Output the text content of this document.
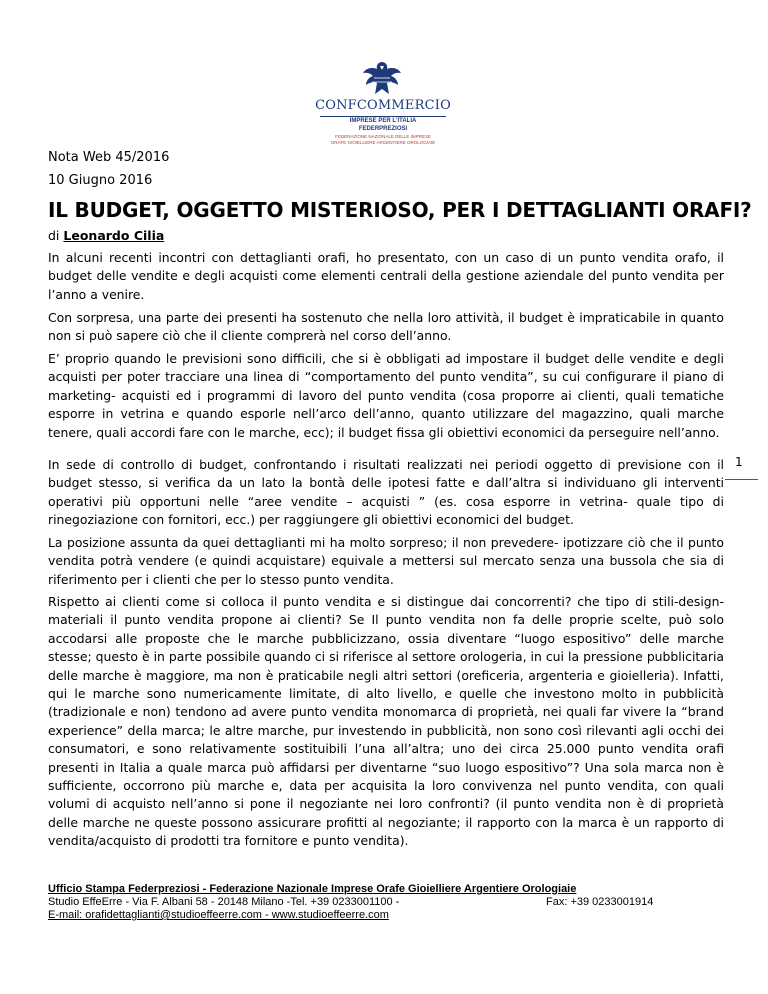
CONFCOMMERCIO
IMPRESE PER L'ITALIA
FEDERPREZIOSI
FEDERAZIONE NAZIONALE DELLE IMPRESE
ORAFE GIOIELLIERE ARGENTIERE OROLOGIAIE
Nota Web 45/2016
10 Giugno 2016
IL BUDGET, OGGETTO MISTERIOSO, PER I DETTAGLIANTI ORAFI?
di Leonardo Cilia
In alcuni recenti incontri con dettaglianti orafi, ho presentato, con un caso di un punto vendita orafo, il budget delle vendite e degli acquisti come elementi centrali della gestione aziendale del punto vendita per l’anno a venire.
Con sorpresa, una parte dei presenti ha sostenuto che nella loro attività, il budget è impraticabile in quanto non si può sapere ciò che il cliente comprerà nel corso dell’anno.
E’ proprio quando le previsioni sono difficili, che si è obbligati ad impostare il budget delle vendite e degli acquisti per poter tracciare una linea di “comportamento del punto vendita”, su cui configurare il piano di marketing- acquisti ed i programmi di lavoro del punto vendita (cosa proporre ai clienti, quali tematiche esporre in vetrina e quando esporle nell’arco dell’anno, quanto utilizzare del magazzino, quali marche tenere, quali accordi fare con le marche, ecc); il budget fissa gli obiettivi economici da perseguire nell’anno.
In sede di controllo di budget, confrontando i risultati realizzati nei periodi oggetto di previsione con il budget stesso, si verifica da un lato la bontà delle ipotesi fatte e dall’altra si individuano gli interventi operativi più opportuni nelle “aree vendite – acquisti ” (es. cosa esporre in vetrina- quale tipo di rinegoziazione con fornitori, ecc.) per raggiungere gli obiettivi economici del budget.
La posizione assunta da quei dettaglianti mi ha molto sorpreso; il non prevedere- ipotizzare ciò che il punto vendita potrà vendere (e quindi acquistare) equivale a mettersi sul mercato senza una bussola che sia di riferimento per i clienti che per lo stesso punto vendita.
Rispetto ai clienti come si colloca il punto vendita e si distingue dai concorrenti? che tipo di stili-design-materiali il punto vendita propone ai clienti? Se Il punto vendita non fa delle proprie scelte, può solo accodarsi alle proposte che le marche pubblicizzano, ossia diventare “luogo espositivo” delle marche stesse; questo è in parte possibile quando ci si riferisce al settore orologeria, in cui la pressione pubblicitaria delle marche è maggiore, ma non è praticabile negli altri settori (oreficeria, argenteria e gioielleria). Infatti, qui le marche sono numericamente limitate, di alto livello, e quelle che investono molto in pubblicità (tradizionale e non) tendono ad avere punto vendita monomarca di proprietà, nei quali far vivere la “brand experience” della marca; le altre marche, pur investendo in pubblicità, non sono così rilevanti agli occhi dei consumatori, e sono relativamente sostituibili l’una all’altra; uno dei circa 25.000 punto vendita orafi presenti in Italia a quale marca può affidarsi per diventarne “suo luogo espositivo”? Una sola marca non è sufficiente, occorrono più marche e, data per acquisita la loro convivenza nel punto vendita, con quali volumi di acquisto nell’anno si pone il negoziante nei loro confronti? (il punto vendita non è di proprietà delle marche ne queste possono assicurare profitti al negoziante; il rapporto con la marca è un rapporto di vendita/acquisto di prodotti tra fornitore e punto vendita).
1
Ufficio Stampa Federpreziosi - Federazione Nazionale Imprese Orafe Gioielliere Argentiere Orologiaie
Studio EffeErre - Via F. Albani 58 - 20148 Milano -Tel. +39 0233001100 -	Fax: +39 0233001914
E-mail: orafidettaglianti@studioeffeerre.com - www.studioeffeerre.com
